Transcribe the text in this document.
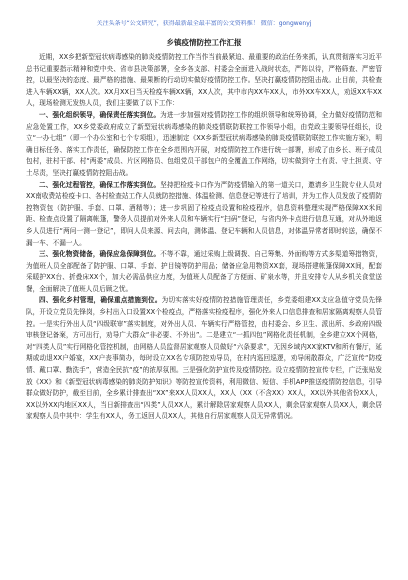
关注头条号“公文研究”，获得最新最全最丰富的公文资料推！ 微信：gongwenyj
乡镇疫情防控工作汇报

近期，XX乡把新型冠状病毒感染的肺炎疫情防控工作当作当前最紧迫、最重要的政治任务来抓，认真贯彻落实习近平总书记重要指示精神和党中央、省市县决策部署，全乡各支部、村委会全面进入战时状态，严阵以待，严格筛查、严密管控，以最坚决的态度、最严格的措施、最果断的行动切实做好疫情防控工作。坚决打赢疫情防控阻击战。止目前，共检查进入车辆XX辆，XX人次。XX月XX日当天检疫车辆XX辆，XX人次，其中市内XX车XX人，市外XX车XX人，劝返XX车XX人，现场检测无发热人员，我们主要做了以下工作：

一、强化组织领导，确保责任落实到位。为进一步加强对疫情防控工作的组织领导和统筹协调，全力做好疫情防范和应急处置工作，XX乡党委政府成立了新型冠状病毒感染的肺炎疫情联防联控工作领导小组，由党政主要领导任组长，设立“一办七组”（即一个办公室和七个专项组），迅速制定《XX乡新型冠状病毒感染的肺炎疫情联防联控工作实施方案》，明确目标任务、落实工作责任，确保防控工作在全乡范围内开展，对疫情防控工作进行统一部署，形成了由乡长、班子成员包村，驻村干部、村“两委”成员、片区网格员、包组党员干部包户的全覆盖工作网络，切实做到守土有责、守土担责、守土尽责，坚决打赢疫情防控阻击战。

二、强化过程管控，确保工作落实到位。坚持把检疫卡口作为严防疫情输入的第一道关口，邀请乡卫生院专业人员对XX南收费站检疫卡口、各村检查站工作人员就防控措施、体温检测、信息登记等进行了培训，并为工作人员发放了疫情防控物资包（防护服、手套、口罩、酒精等）；进一步巩固了检疫点设置和检疫程序，信息资料整理实现严格保障XX米间距、检查点设置了隔离帐篷，警务人员提前对外来人员和车辆实行“扫码”登记，与省内外卡点进行信息互通，对从外地返乡人员进行“两问一测一登记”，即问人员来源、问去向，测体温、登记车辆和人员信息，对体温异常者即时转送，确保不漏一车、不漏一人。

三、强化物资储备，确保应急保障到位。不等不靠，通过采购上级调拨、自己筹集、外面购等方式多渠道筹措物资，为值班人员全部配备了防护服、口罩、手套、护目镜等防护用品；储备应急用物资XX套，现场搭建帐篷保障XX间，配套采暖护XX台、折叠床XX个，加大必需品供应力度，为值班人员配备了方便面、矿泉水等，并且安排专人从乡机关食堂送餐，全面解决了值班人员后顾之忧。

四、强化乡村管理，确保重点措施到位。为切实落实好疫情防控措施管理责任，乡党委组建XX支应急值守党员先锋队，开设立党员先锋岗，乡村出入口设置XX个检疫点，严格落实检疫程序，强化外来人口信息排查和居家隔离观察人员管控。一是实行外出人员“四级联审”落实制度，对外出人员、车辆实行严格管控，由村委会、乡卫生、派出所、乡政府四级审核登记备案，方可出行，劝导广大群众“非必要、不外出”。二是建立“一抓四包”网格化责任机制，全乡建立XX个网格，对“四类人员”实行网格化管控机制，由网格人员监督居家观察人员做好“六条要求”，无因乡域内XX家KTV和所有餐厅，延期或动退XX户婚宴，XX户丧事简办，每时设立XX名专项防控劝导员，在村内巡回巡逻，劝导闲散群众，广泛宣传“防疫情、戴口罩、勤洗手”，营造全民抗“疫”的浓厚氛围。三是强化防护宣传及疫情防控。设立疫情防控宣传专栏，广泛张贴发放《XX》和《新型冠状病毒感染的肺炎防护知识》等防控宣传资料，利用微信、短信、手机APP推送疫情防控信息，引导群众做好防护，截至目前，全乡累计排查出“XX”来XX人员XX人，XX人（XX（不含XX）XX人，XX以外其他省份XX人，XX以外XX内地区XX人，当日新排查出“四类”人员XX人，累计解除居家观察人员XX人，剩余居家观察人员XX人，剩余居家观察人员中其中：学生有XX人，务工返回人员XX人，其他自行居家观察人员无异常情况。
